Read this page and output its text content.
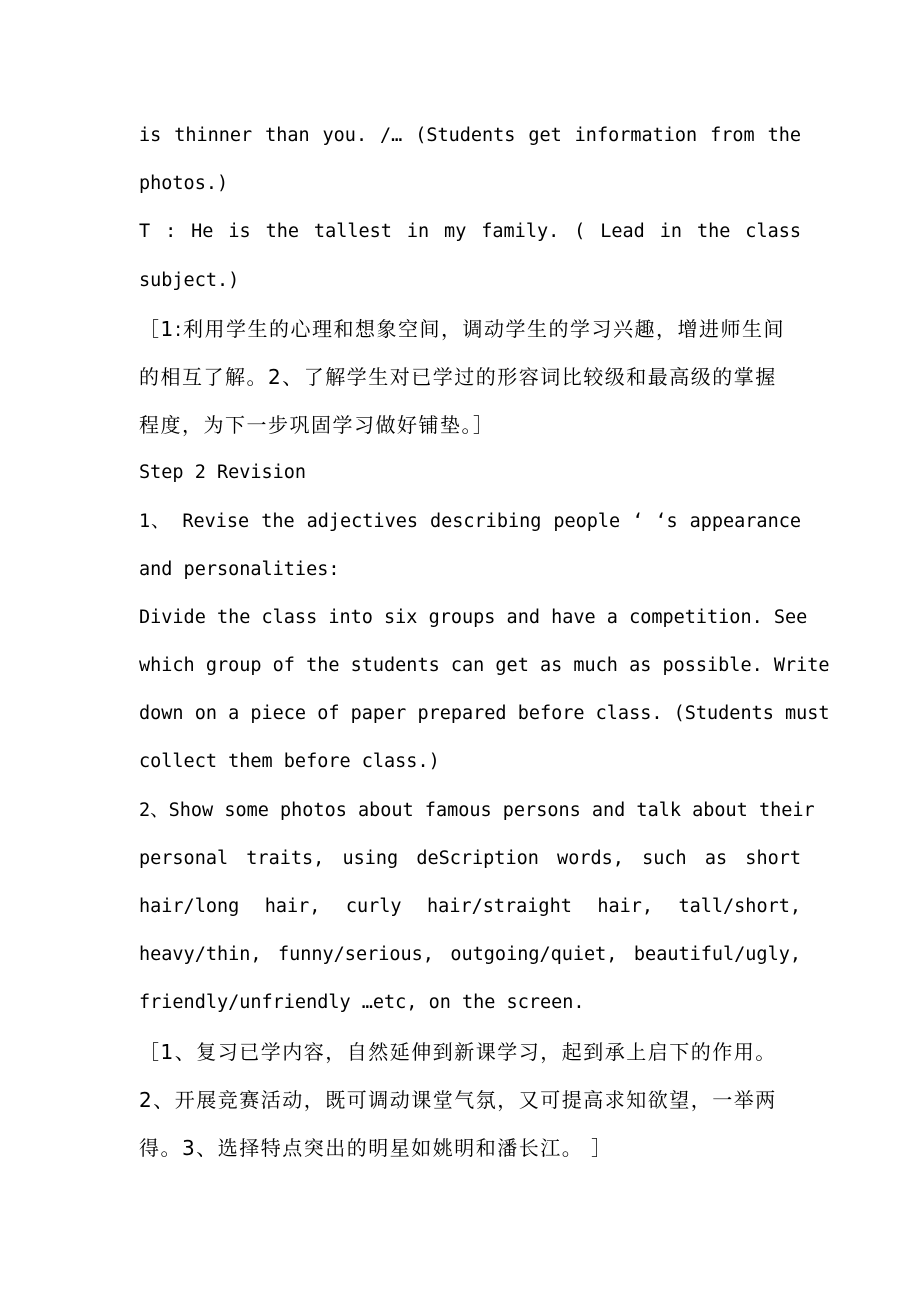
is thinner than you. /… (Students get information from the
photos.)
T : He is the tallest in my family. ( Lead in the class
subject.)
［1:利用学生的心理和想象空间，调动学生的学习兴趣，增进师生间
的相互了解。2、了解学生对已学过的形容词比较级和最高级的掌握
程度，为下一步巩固学习做好铺垫。］
Step 2 Revision
1、 Revise the adjectives describing people ‘ ‘s appearance
and personalities:
Divide the class into six groups and have a competition. See
which group of the students can get as much as possible. Write
down on a piece of paper prepared before class. (Students must
collect them before class.)
2、Show some photos about famous persons and talk about their
personal traits, using deScription words, such as short
hair/long hair, curly hair/straight hair, tall/short,
heavy/thin, funny/serious, outgoing/quiet, beautiful/ugly,
friendly/unfriendly …etc, on the screen.
［1、复习已学内容，自然延伸到新课学习，起到承上启下的作用。
2、开展竞赛活动，既可调动课堂气氛，又可提高求知欲望，一举两
得。3、选择特点突出的明星如姚明和潘长江。 ］
